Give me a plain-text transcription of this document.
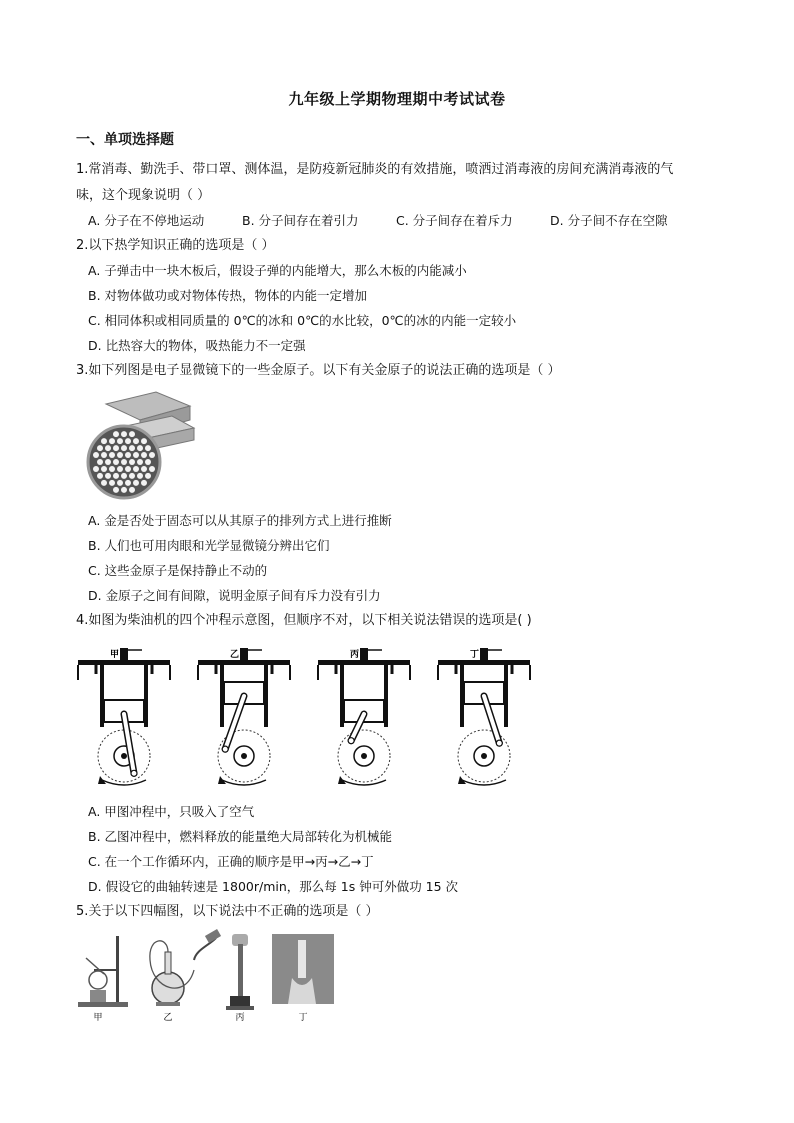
九年级上学期物理期中考试试卷
一、单项选择题
1.常消毒、勤洗手、带口罩、测体温，是防疫新冠肺炎的有效措施，喷洒过消毒液的房间充满消毒液的气
味，这个现象说明（ ）
A. 分子在不停地运动	B. 分子间存在着引力	C. 分子间存在着斥力	D. 分子间不存在空隙
2.以下热学知识正确的选项是（ ）
A. 子弹击中一块木板后，假设子弹的内能增大，那么木板的内能减小
B. 对物体做功或对物体传热，物体的内能一定增加
C. 相同体积或相同质量的 0℃的冰和 0℃的水比较，0℃的冰的内能一定较小
D. 比热容大的物体，吸热能力不一定强
3.如下列图是电子显微镜下的一些金原子。以下有关金原子的说法正确的选项是（ ）
A. 金是否处于固态可以从其原子的排列方式上进行推断
B. 人们也可用肉眼和光学显微镜分辨出它们
C. 这些金原子是保持静止不动的
D. 金原子之间有间隙，说明金原子间有斥力没有引力
4.如图为柴油机的四个冲程示意图，但顺序不对，以下相关说法错误的选项是( )
甲	乙	丙	丁
A. 甲图冲程中，只吸入了空气
B. 乙图冲程中，燃料释放的能量绝大局部转化为机械能
C. 在一个工作循环内，正确的顺序是甲→丙→乙→丁
D. 假设它的曲轴转速是 1800r/min，那么每 1s 钟可外做功 15 次
5.关于以下四幅图，以下说法中不正确的选项是（ ）
甲	乙	丙	丁
